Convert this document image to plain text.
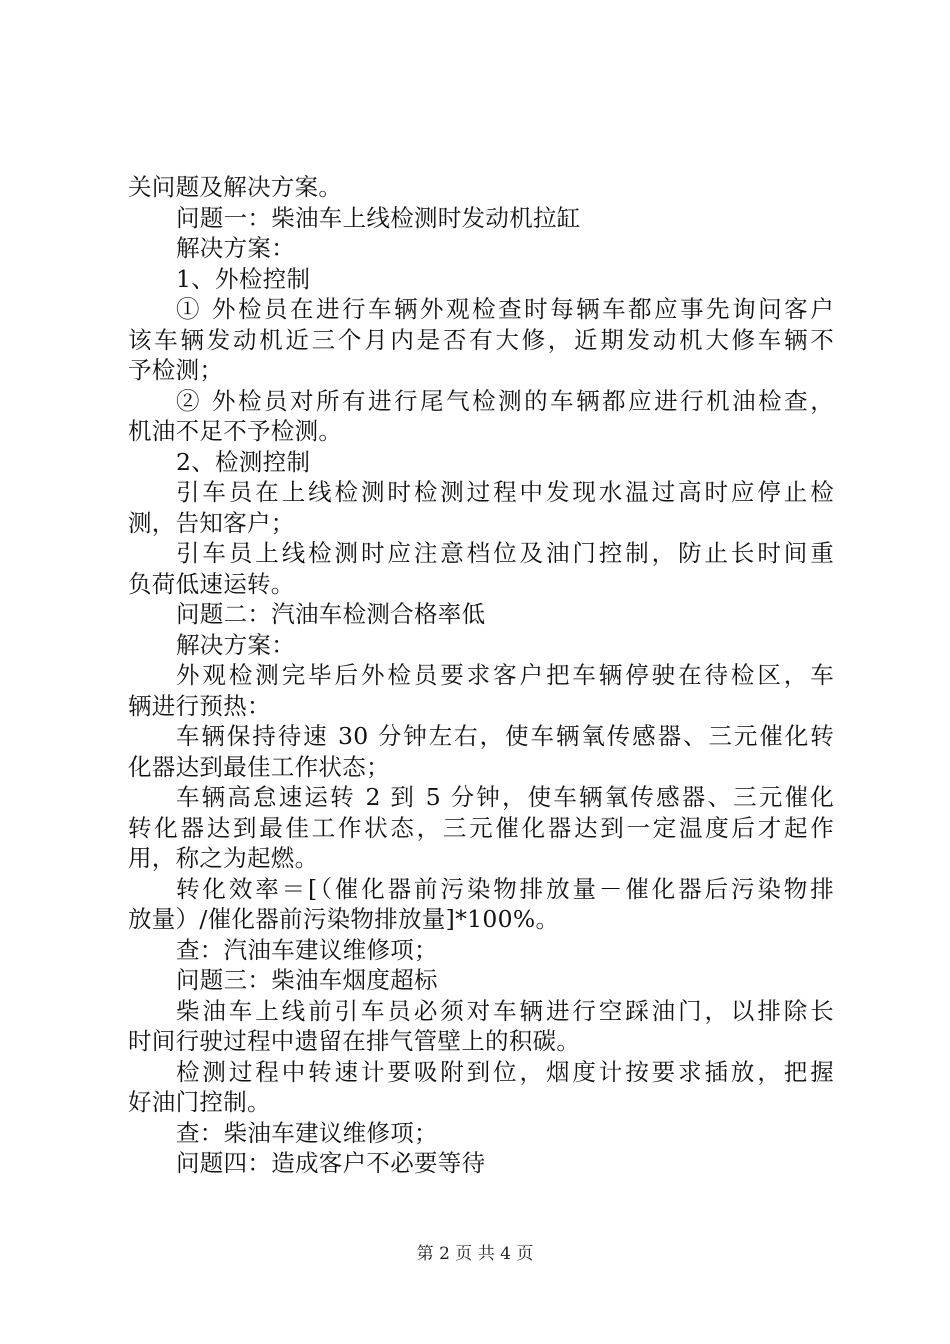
关问题及解决方案。
问题一：柴油车上线检测时发动机拉缸
解决方案：
1、外检控制
① 外检员在进行车辆外观检查时每辆车都应事先询问客户
该车辆发动机近三个月内是否有大修，近期发动机大修车辆不
予检测；
② 外检员对所有进行尾气检测的车辆都应进行机油检查，
机油不足不予检测。
2、检测控制
引车员在上线检测时检测过程中发现水温过高时应停止检
测，告知客户；
引车员上线检测时应注意档位及油门控制，防止长时间重
负荷低速运转。
问题二：汽油车检测合格率低
解决方案：
外观检测完毕后外检员要求客户把车辆停驶在待检区，车
辆进行预热：
车辆保持待速 30 分钟左右，使车辆氧传感器、三元催化转
化器达到最佳工作状态；
车辆高怠速运转 2 到 5 分钟，使车辆氧传感器、三元催化
转化器达到最佳工作状态，三元催化器达到一定温度后才起作
用，称之为起燃。
转化效率＝[（催化器前污染物排放量－催化器后污染物排
放量）/催化器前污染物排放量]*100%。
查：汽油车建议维修项；
问题三：柴油车烟度超标
柴油车上线前引车员必须对车辆进行空踩油门，以排除长
时间行驶过程中遗留在排气管壁上的积碳。
检测过程中转速计要吸附到位，烟度计按要求插放，把握
好油门控制。
查：柴油车建议维修项；
问题四：造成客户不必要等待
第 2 页 共 4 页
